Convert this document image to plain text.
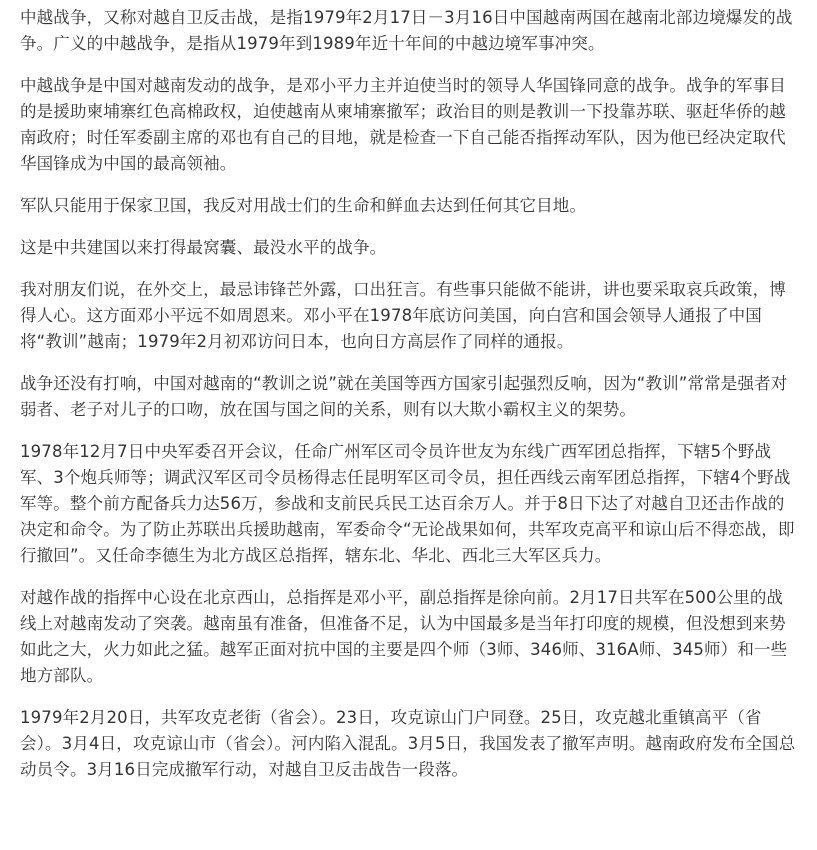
中越战争，又称对越自卫反击战，是指1979年2月17日－3月16日中国越南两国在越南北部边境爆发的战争。广义的中越战争，是指从1979年到1989年近十年间的中越边境军事冲突。

中越战争是中国对越南发动的战争，是邓小平力主并迫使当时的领导人华国锋同意的战争。战争的军事目的是援助柬埔寨红色高棉政权，迫使越南从柬埔寨撤军；政治目的则是教训一下投靠苏联、驱赶华侨的越南政府；时任军委副主席的邓也有自己的目地，就是检查一下自己能否指挥动军队，因为他已经决定取代华国锋成为中国的最高领袖。

军队只能用于保家卫国，我反对用战士们的生命和鲜血去达到任何其它目地。

这是中共建国以来打得最窝囊、最没水平的战争。

我对朋友们说，在外交上，最忌讳锋芒外露，口出狂言。有些事只能做不能讲，讲也要采取哀兵政策，博得人心。这方面邓小平远不如周恩来。邓小平在1978年底访问美国，向白宫和国会领导人通报了中国将“教训”越南；1979年2月初邓访问日本，也向日方高层作了同样的通报。

战争还没有打响，中国对越南的“教训之说”就在美国等西方国家引起强烈反响，因为“教训”常常是强者对弱者、老子对儿子的口吻，放在国与国之间的关系，则有以大欺小霸权主义的架势。

1978年12月7日中央军委召开会议，任命广州军区司令员许世友为东线广西军团总指挥，下辖5个野战军、3个炮兵师等；调武汉军区司令员杨得志任昆明军区司令员，担任西线云南军团总指挥，下辖4个野战军等。整个前方配备兵力达56万，参战和支前民兵民工达百余万人。并于8日下达了对越自卫还击作战的决定和命令。为了防止苏联出兵援助越南，军委命令“无论战果如何，共军攻克高平和谅山后不得恋战，即行撤回”。又任命李德生为北方战区总指挥，辖东北、华北、西北三大军区兵力。

对越作战的指挥中心设在北京西山，总指挥是邓小平，副总指挥是徐向前。2月17日共军在500公里的战线上对越南发动了突袭。越南虽有准备，但准备不足，认为中国最多是当年打印度的规模，但没想到来势如此之大，火力如此之猛。越军正面对抗中国的主要是四个师（3师、346师、316A师、345师）和一些地方部队。

1979年2月20日，共军攻克老街（省会）。23日，攻克谅山门户同登。25日，攻克越北重镇高平（省会）。3月4日，攻克谅山市（省会）。河内陷入混乱。3月5日，我国发表了撤军声明。越南政府发布全国总动员令。3月16日完成撤军行动，对越自卫反击战告一段落。
